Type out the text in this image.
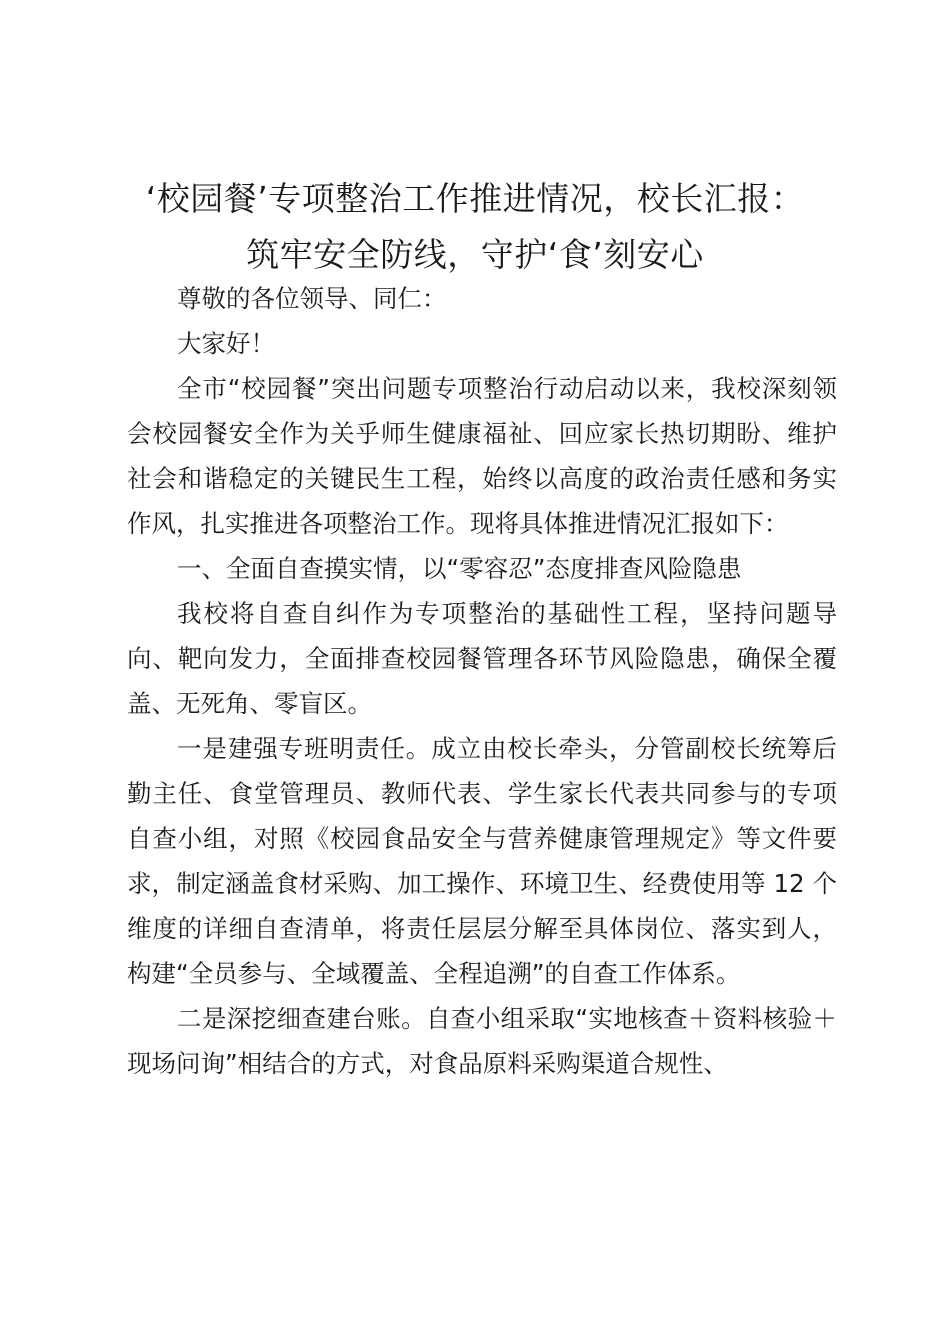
‘校园餐’专项整治工作推进情况，校长汇报：
筑牢安全防线，守护‘食’刻安心

尊敬的各位领导、同仁：

大家好！

全市“校园餐”突出问题专项整治行动启动以来，我校深刻领会校园餐安全作为关乎师生健康福祉、回应家长热切期盼、维护社会和谐稳定的关键民生工程，始终以高度的政治责任感和务实作风，扎实推进各项整治工作。现将具体推进情况汇报如下：

一、全面自查摸实情，以“零容忍”态度排查风险隐患

我校将自查自纠作为专项整治的基础性工程，坚持问题导向、靶向发力，全面排查校园餐管理各环节风险隐患，确保全覆盖、无死角、零盲区。

一是建强专班明责任。成立由校长牵头，分管副校长统筹后勤主任、食堂管理员、教师代表、学生家长代表共同参与的专项自查小组，对照《校园食品安全与营养健康管理规定》等文件要求，制定涵盖食材采购、加工操作、环境卫生、经费使用等 12 个维度的详细自查清单，将责任层层分解至具体岗位、落实到人，构建“全员参与、全域覆盖、全程追溯”的自查工作体系。

二是深挖细查建台账。自查小组采取“实地核查＋资料核验＋现场问询”相结合的方式，对食品原料采购渠道合规性、
